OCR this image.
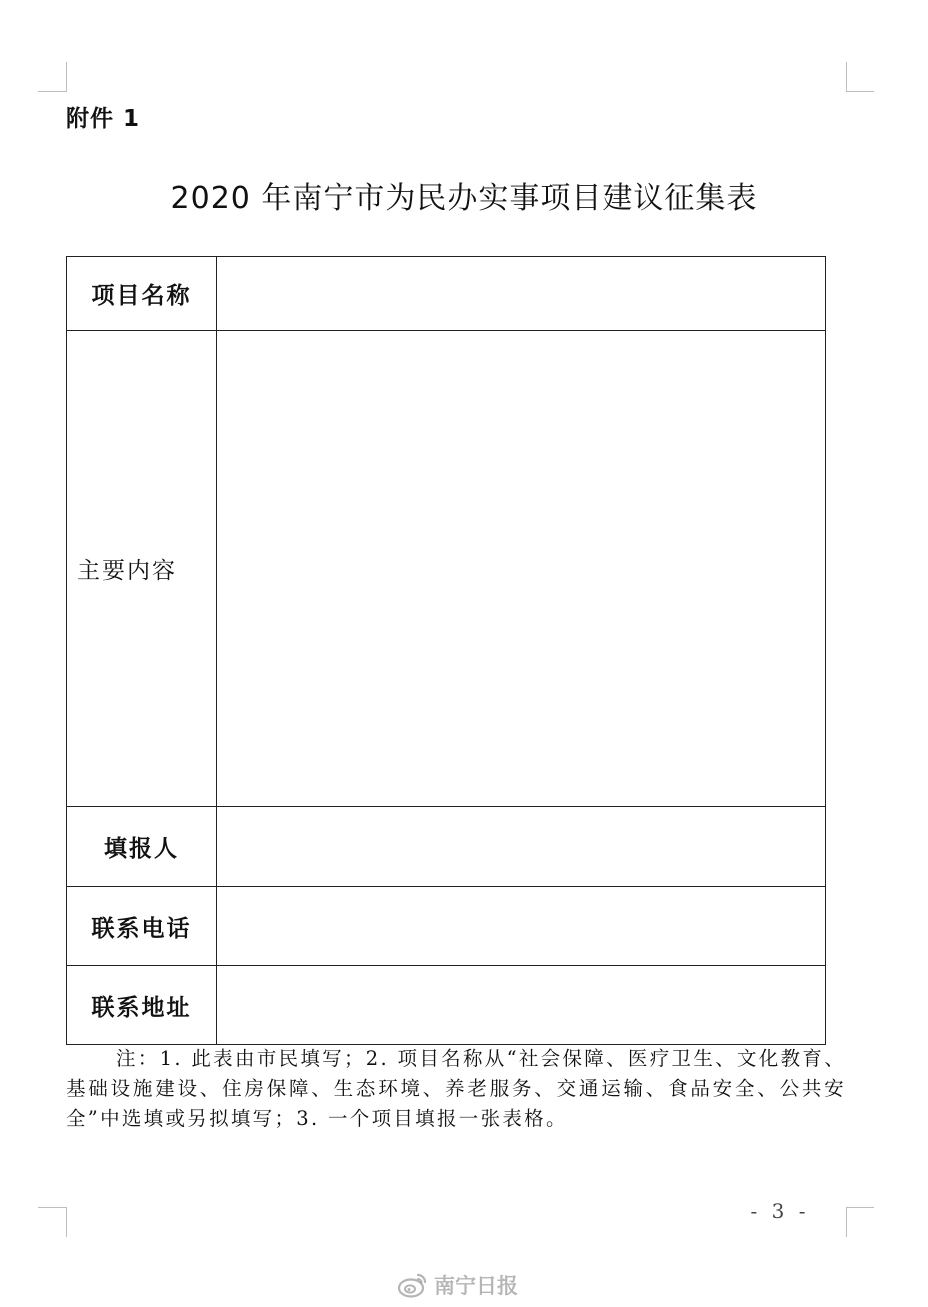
附件 1
2020 年南宁市为民办实事项目建议征集表
项目名称	
主要内容	
填报人	
联系电话	
联系地址	
注：1. 此表由市民填写；2. 项目名称从“社会保障、医疗卫生、文化教育、基础设施建设、住房保障、生态环境、养老服务、交通运输、食品安全、公共安全”中选填或另拟填写；3. 一个项目填报一张表格。
- 3 -
南宁日报
